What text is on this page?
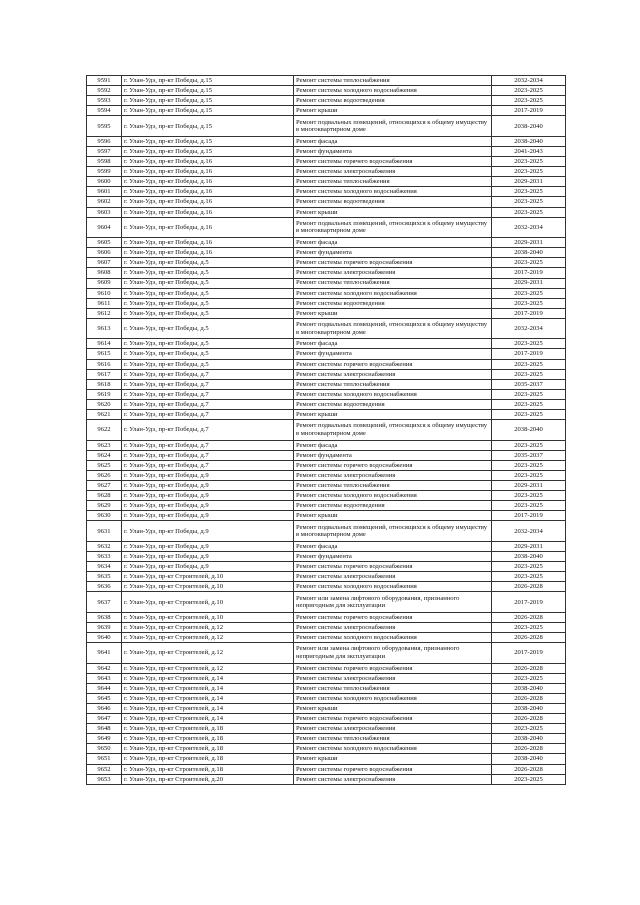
9591	г. Улан-Удэ, пр-кт Победы, д.15	Ремонт системы теплоснабжения	2032-2034
9592	г. Улан-Удэ, пр-кт Победы, д.15	Ремонт системы холодного водоснабжения	2023-2025
9593	г. Улан-Удэ, пр-кт Победы, д.15	Ремонт системы водоотведения	2023-2025
9594	г. Улан-Удэ, пр-кт Победы, д.15	Ремонт крыши	2017-2019
9595	г. Улан-Удэ, пр-кт Победы, д.15	Ремонт подвальных помещений, относящихся к общему имуществу в многоквартирном доме	2038-2040
9596	г. Улан-Удэ, пр-кт Победы, д.15	Ремонт фасада	2038-2040
9597	г. Улан-Удэ, пр-кт Победы, д.15	Ремонт фундамента	2041-2043
9598	г. Улан-Удэ, пр-кт Победы, д.16	Ремонт системы горячего водоснабжения	2023-2025
9599	г. Улан-Удэ, пр-кт Победы, д.16	Ремонт системы электроснабжения	2023-2025
9600	г. Улан-Удэ, пр-кт Победы, д.16	Ремонт системы теплоснабжения	2029-2031
9601	г. Улан-Удэ, пр-кт Победы, д.16	Ремонт системы холодного водоснабжения	2023-2025
9602	г. Улан-Удэ, пр-кт Победы, д.16	Ремонт системы водоотведения	2023-2025
9603	г. Улан-Удэ, пр-кт Победы, д.16	Ремонт крыши	2023-2025
9604	г. Улан-Удэ, пр-кт Победы, д.16	Ремонт подвальных помещений, относящихся к общему имуществу в многоквартирном доме	2032-2034
9605	г. Улан-Удэ, пр-кт Победы, д.16	Ремонт фасада	2029-2031
9606	г. Улан-Удэ, пр-кт Победы, д.16	Ремонт фундамента	2038-2040
9607	г. Улан-Удэ, пр-кт Победы, д.5	Ремонт системы горячего водоснабжения	2023-2025
9608	г. Улан-Удэ, пр-кт Победы, д.5	Ремонт системы электроснабжения	2017-2019
9609	г. Улан-Удэ, пр-кт Победы, д.5	Ремонт системы теплоснабжения	2029-2031
9610	г. Улан-Удэ, пр-кт Победы, д.5	Ремонт системы холодного водоснабжения	2023-2025
9611	г. Улан-Удэ, пр-кт Победы, д.5	Ремонт системы водоотведения	2023-2025
9612	г. Улан-Удэ, пр-кт Победы, д.5	Ремонт крыши	2017-2019
9613	г. Улан-Удэ, пр-кт Победы, д.5	Ремонт подвальных помещений, относящихся к общему имуществу в многоквартирном доме	2032-2034
9614	г. Улан-Удэ, пр-кт Победы, д.5	Ремонт фасада	2023-2025
9615	г. Улан-Удэ, пр-кт Победы, д.5	Ремонт фундамента	2017-2019
9616	г. Улан-Удэ, пр-кт Победы, д.5	Ремонт системы горячего водоснабжения	2023-2025
9617	г. Улан-Удэ, пр-кт Победы, д.7	Ремонт системы электроснабжения	2023-2025
9618	г. Улан-Удэ, пр-кт Победы, д.7	Ремонт системы теплоснабжения	2035-2037
9619	г. Улан-Удэ, пр-кт Победы, д.7	Ремонт системы холодного водоснабжения	2023-2025
9620	г. Улан-Удэ, пр-кт Победы, д.7	Ремонт системы водоотведения	2023-2025
9621	г. Улан-Удэ, пр-кт Победы, д.7	Ремонт крыши	2023-2025
9622	г. Улан-Удэ, пр-кт Победы, д.7	Ремонт подвальных помещений, относящихся к общему имуществу в многоквартирном доме	2038-2040
9623	г. Улан-Удэ, пр-кт Победы, д.7	Ремонт фасада	2023-2025
9624	г. Улан-Удэ, пр-кт Победы, д.7	Ремонт фундамента	2035-2037
9625	г. Улан-Удэ, пр-кт Победы, д.7	Ремонт системы горячего водоснабжения	2023-2025
9626	г. Улан-Удэ, пр-кт Победы, д.9	Ремонт системы электроснабжения	2023-2025
9627	г. Улан-Удэ, пр-кт Победы, д.9	Ремонт системы теплоснабжения	2029-2031
9628	г. Улан-Удэ, пр-кт Победы, д.9	Ремонт системы холодного водоснабжения	2023-2025
9629	г. Улан-Удэ, пр-кт Победы, д.9	Ремонт системы водоотведения	2023-2025
9630	г. Улан-Удэ, пр-кт Победы, д.9	Ремонт крыши	2017-2019
9631	г. Улан-Удэ, пр-кт Победы, д.9	Ремонт подвальных помещений, относящихся к общему имуществу в многоквартирном доме	2032-2034
9632	г. Улан-Удэ, пр-кт Победы, д.9	Ремонт фасада	2029-2031
9633	г. Улан-Удэ, пр-кт Победы, д.9	Ремонт фундамента	2038-2040
9634	г. Улан-Удэ, пр-кт Победы, д.9	Ремонт системы горячего водоснабжения	2023-2025
9635	г. Улан-Удэ, пр-кт Строителей, д.10	Ремонт системы электроснабжения	2023-2025
9636	г. Улан-Удэ, пр-кт Строителей, д.10	Ремонт системы холодного водоснабжения	2026-2028
9637	г. Улан-Удэ, пр-кт Строителей, д.10	Ремонт или замена лифтового оборудования, признанного непригодным для эксплуатации	2017-2019
9638	г. Улан-Удэ, пр-кт Строителей, д.10	Ремонт системы горячего водоснабжения	2026-2028
9639	г. Улан-Удэ, пр-кт Строителей, д.12	Ремонт системы электроснабжения	2023-2025
9640	г. Улан-Удэ, пр-кт Строителей, д.12	Ремонт системы холодного водоснабжения	2026-2028
9641	г. Улан-Удэ, пр-кт Строителей, д.12	Ремонт или замена лифтового оборудования, признанного непригодным для эксплуатации	2017-2019
9642	г. Улан-Удэ, пр-кт Строителей, д.12	Ремонт системы горячего водоснабжения	2026-2028
9643	г. Улан-Удэ, пр-кт Строителей, д.14	Ремонт системы электроснабжения	2023-2025
9644	г. Улан-Удэ, пр-кт Строителей, д.14	Ремонт системы теплоснабжения	2038-2040
9645	г. Улан-Удэ, пр-кт Строителей, д.14	Ремонт системы холодного водоснабжения	2026-2028
9646	г. Улан-Удэ, пр-кт Строителей, д.14	Ремонт крыши	2038-2040
9647	г. Улан-Удэ, пр-кт Строителей, д.14	Ремонт системы горячего водоснабжения	2026-2028
9648	г. Улан-Удэ, пр-кт Строителей, д.18	Ремонт системы электроснабжения	2023-2025
9649	г. Улан-Удэ, пр-кт Строителей, д.18	Ремонт системы теплоснабжения	2038-2040
9650	г. Улан-Удэ, пр-кт Строителей, д.18	Ремонт системы холодного водоснабжения	2026-2028
9651	г. Улан-Удэ, пр-кт Строителей, д.18	Ремонт крыши	2038-2040
9652	г. Улан-Удэ, пр-кт Строителей, д.18	Ремонт системы горячего водоснабжения	2026-2028
9653	г. Улан-Удэ, пр-кт Строителей, д.20	Ремонт системы электроснабжения	2023-2025
